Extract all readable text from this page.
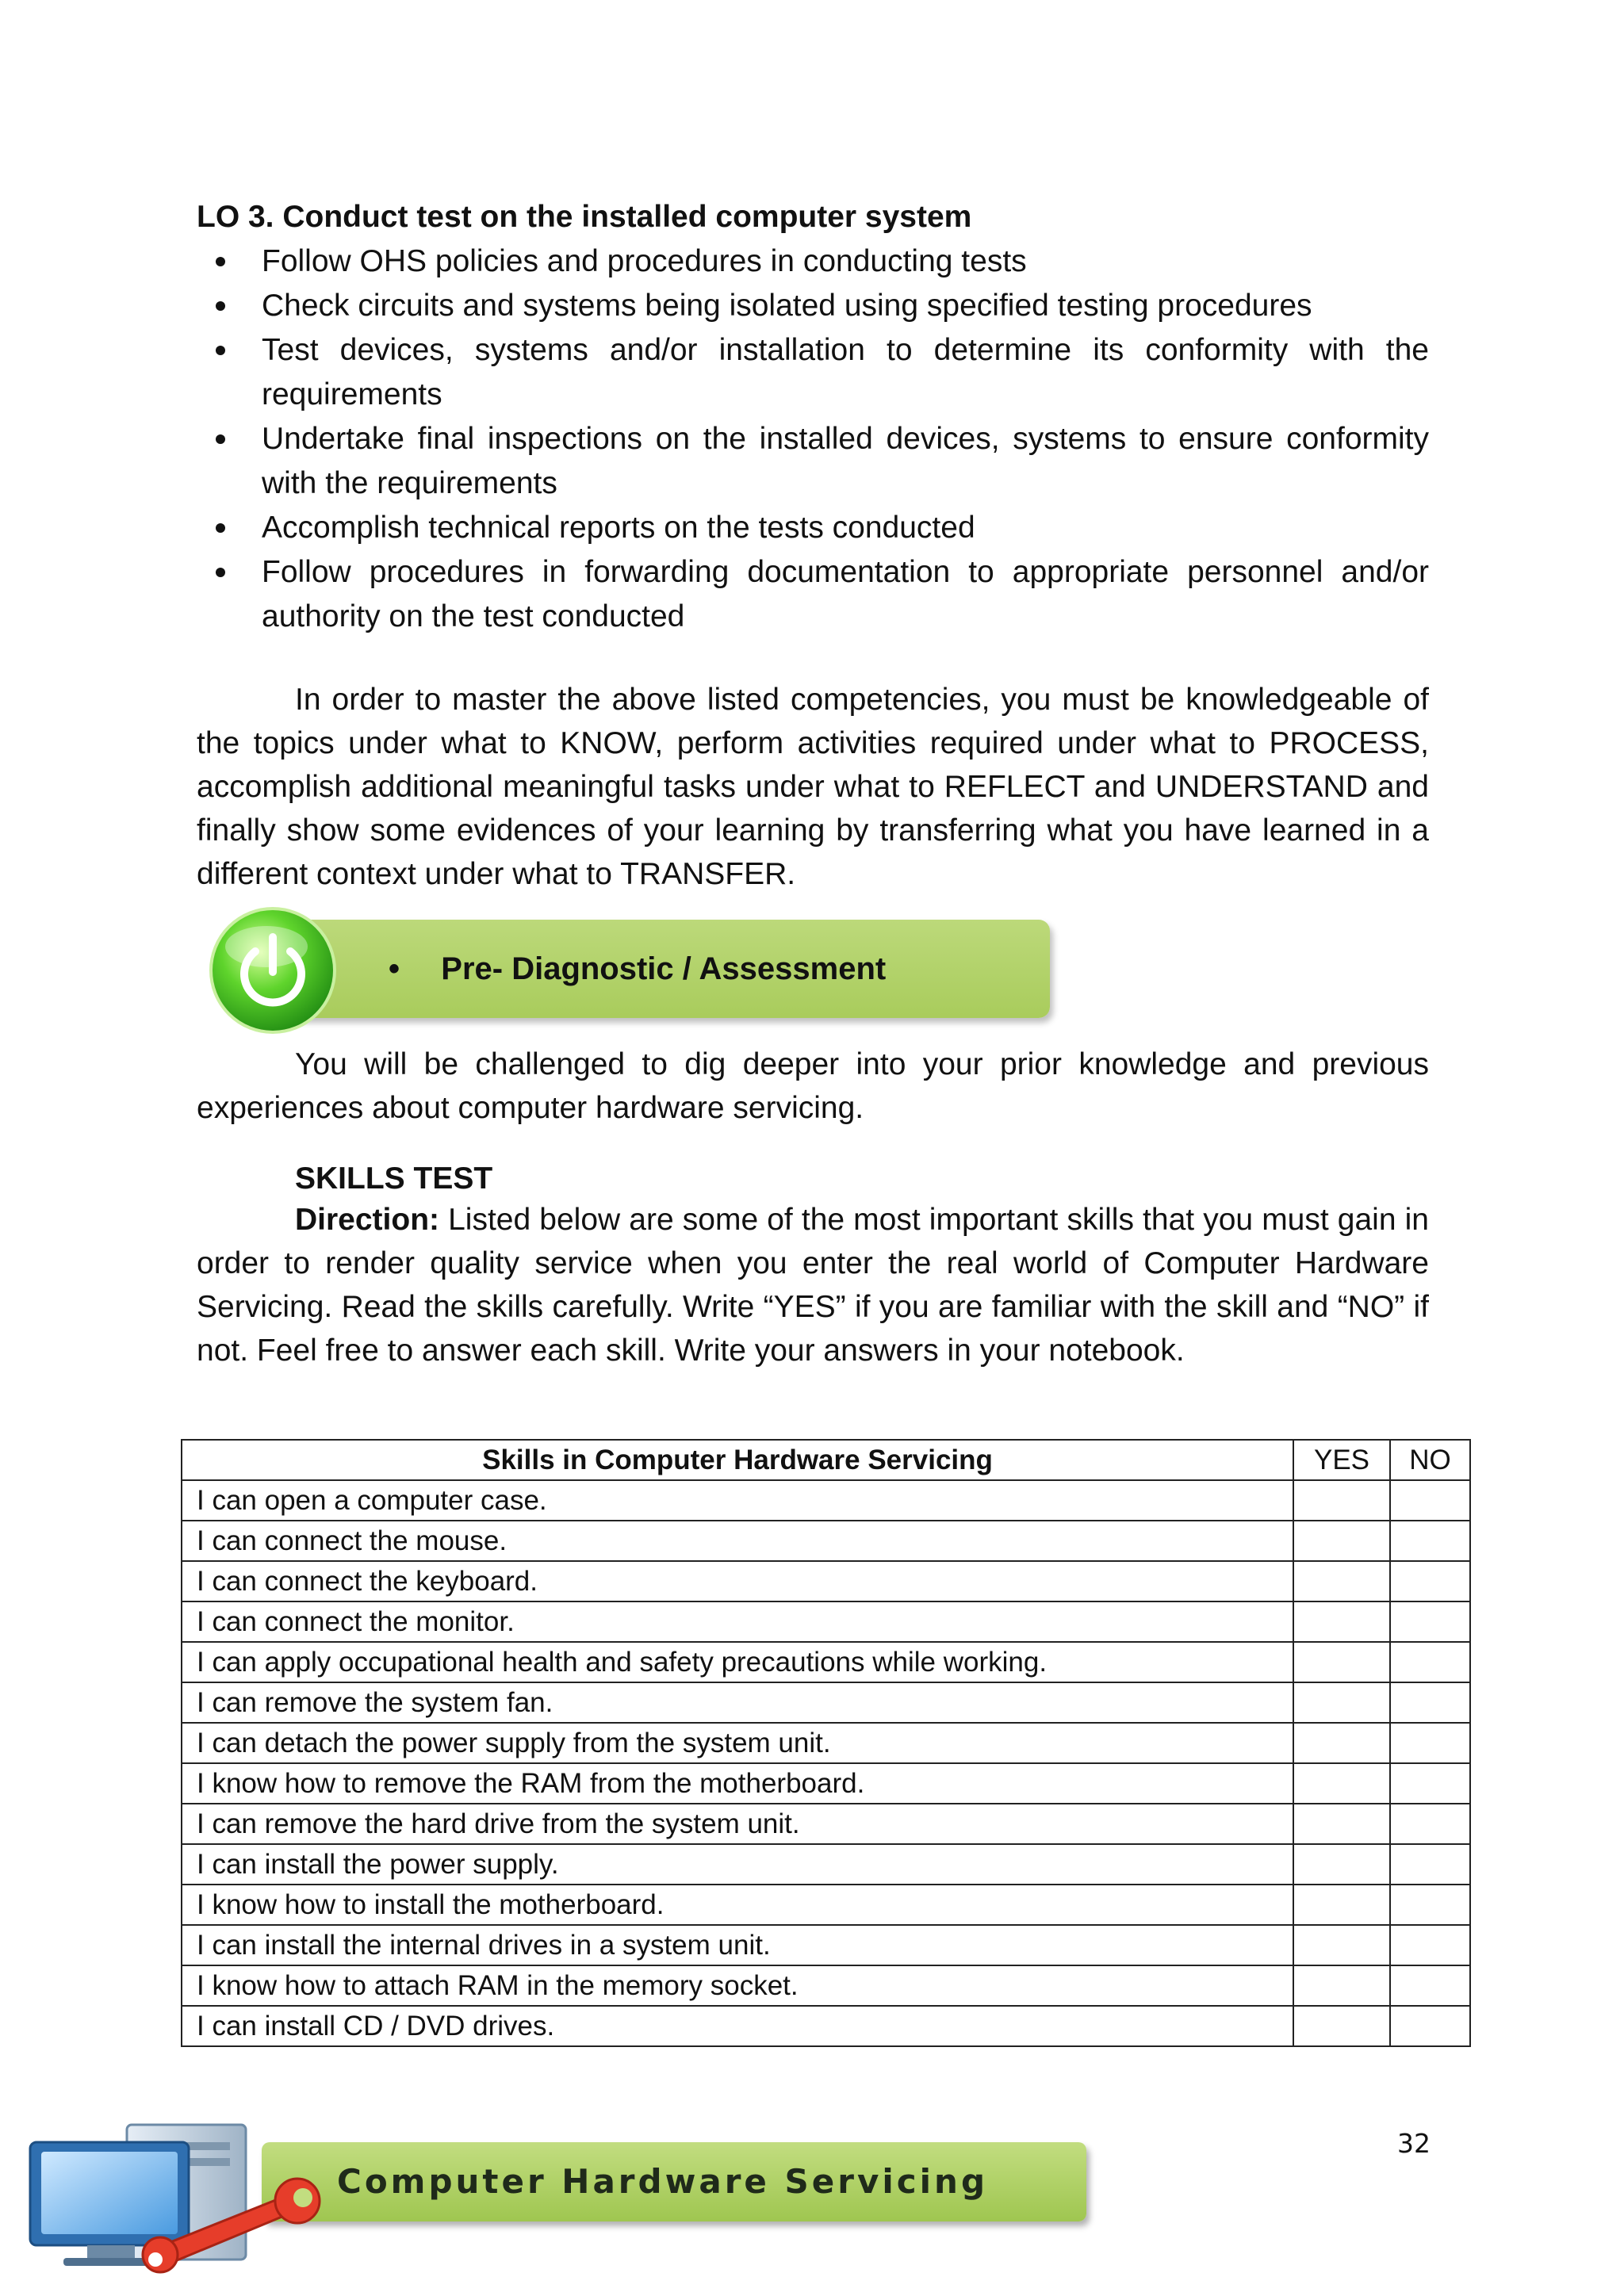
LO 3. Conduct test on the installed computer system
Follow OHS policies and procedures in conducting tests
Check circuits and systems being isolated using specified testing procedures
Test devices, systems and/or installation to determine its conformity with the requirements
Undertake final inspections on the installed devices, systems to ensure conformity with the requirements
Accomplish technical reports on the tests conducted
Follow procedures in forwarding documentation to appropriate personnel and/or authority on the test conducted

In order to master the above listed competencies, you must be knowledgeable of the topics under what to KNOW, perform activities required under what to PROCESS, accomplish additional meaningful tasks under what to REFLECT and UNDERSTAND and finally show some evidences of your learning by transferring what you have learned in a different context under what to TRANSFER.

• Pre- Diagnostic / Assessment

You will be challenged to dig deeper into your prior knowledge and previous experiences about computer hardware servicing.

SKILLS TEST

Direction: Listed below are some of the most important skills that you must gain in order to render quality service when you enter the real world of Computer Hardware Servicing. Read the skills carefully. Write “YES” if you are familiar with the skill and “NO” if not. Feel free to answer each skill. Write your answers in your notebook.

Skills in Computer Hardware Servicing	YES	NO
I can open a computer case.		
I can connect the mouse.		
I can connect the keyboard.		
I can connect the monitor.		
I can apply occupational health and safety precautions while working.		
I can remove the system fan.		
I can detach the power supply from the system unit.		
I know how to remove the RAM from the motherboard.		
I can remove the hard drive from the system unit.		
I can install the power supply.		
I know how to install the motherboard.		
I can install the internal drives in a system unit.		
I know how to attach RAM in the memory socket.		
I can install CD / DVD drives.		
32
Computer Hardware Servicing
